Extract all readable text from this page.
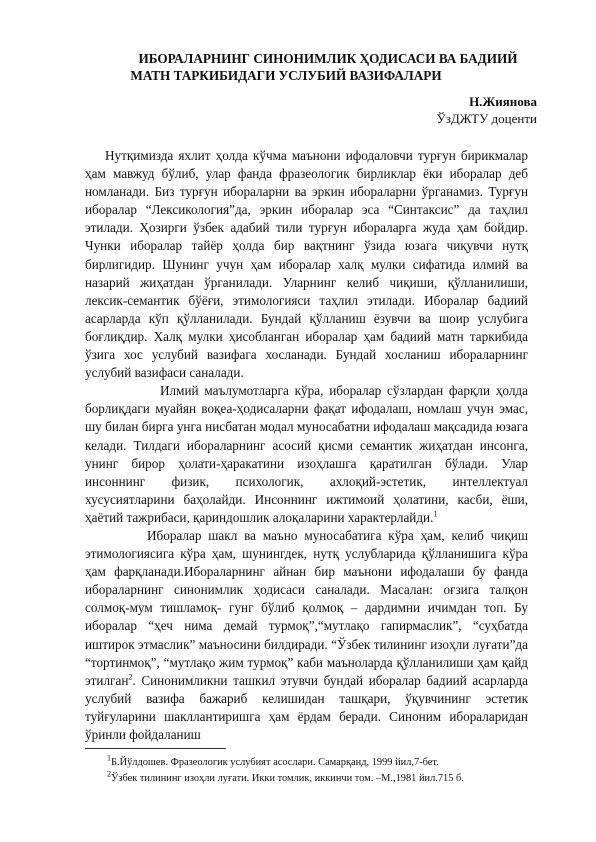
ИБОРАЛАРНИНГ СИНОНИМЛИК ҲОДИСАСИ ВА БАДИИЙ
МАТН ТАРКИБИДАГИ УСЛУБИЙ ВАЗИФАЛАРИ
Н.Жиянова
ЎзДЖТУ доценти

Нутқимизда яхлит ҳолда кўчма маънони ифодаловчи турғун бирикмалар ҳам мавжуд бўлиб, улар фанда фразеологик бирликлар ёки иборалар деб номланади. Биз турғун ибораларни ва эркин ибораларни ўрганамиз. Турғун иборалар “Лексикология”да, эркин иборалар эса “Синтаксис” да таҳлил этилади. Ҳозирги ўзбек адабий тили турғун ибораларга жуда ҳам бойдир. Чунки иборалар тайёр ҳолда бир вақтнинг ўзида юзага чиқувчи нутқ бирлигидир. Шунинг учун ҳам иборалар халқ мулки сифатида илмий ва назарий жиҳатдан ўрганилади. Уларнинг келиб чиқиши, қўлланилиши, лексик-семантик бўёғи, этимологияси таҳлил этилади. Иборалар бадиий асарларда кўп қўлланилади. Бундай қўлланиш ёзувчи ва шоир услубига боғлиқдир. Халқ мулки ҳисобланган иборалар ҳам бадиий матн таркибида ўзига хос услубий вазифага хосланади. Бундай хосланиш ибораларнинг услубий вазифаси саналади.

Илмий маълумотларга кўра, иборалар сўзлардан фарқли ҳолда борлиқдаги муайян воқеа-ҳодисаларни фақат ифодалаш, номлаш учун эмас, шу билан бирга унга нисбатан модал муносабатни ифодалаш мақсадида юзага келади. Тилдаги ибораларнинг асосий қисми семантик жиҳатдан инсонга, унинг бирор ҳолати-ҳаракатини изоҳлашга қаратилган бўлади. Улар инсоннинг физик, психологик, ахлоқий-эстетик, интеллектуал хусусиятларини баҳолайди. Инсоннинг ижтимоий ҳолатини, касби, ёши, ҳаётий тажрибаси, қариндошлик алоқаларини характерлайди.$^1$

Иборалар шакл ва маъно муносабатига кўра ҳам, келиб чиқиш этимологиясига кўра ҳам, шунингдек, нутқ услубларида қўлланишига кўра ҳам фарқланади.Ибораларнинг айнан бир маънони ифодалаши бу фанда ибораларнинг синонимлик ҳодисаси саналади. Масалан: оғзига талқон солмоқ-мум тишламоқ- гунг бўлиб қолмоқ – дардимни ичимдан топ. Бу иборалар “ҳеч нима демай турмоқ”,“мутлақо гапирмаслик”, “суҳбатда иштирок этмаслик” маъносини билдиради. “Ўзбек тилининг изоҳли луғати”да “тортинмоқ”, “мутлақо жим турмоқ” каби маъноларда қўлланилиши ҳам қайд этилган$^2$. Синонимликни ташкил этувчи бундай иборалар бадиий асарларда услубий вазифа бажариб келишидан ташқари, ўқувчининг эстетик туйғуларини шакллантиришга ҳам ёрдам беради. Синоним ибораларидан ўринли фойдаланиш

$^1$Б.Йўлдошев. Фразеологик услубият асослари. Самарқанд, 1999 йил,7-бет.
$^2$Ўзбек тилининг изоҳли луғати. Икки томлик, иккинчи том. –М.,1981 йил.715 б.
